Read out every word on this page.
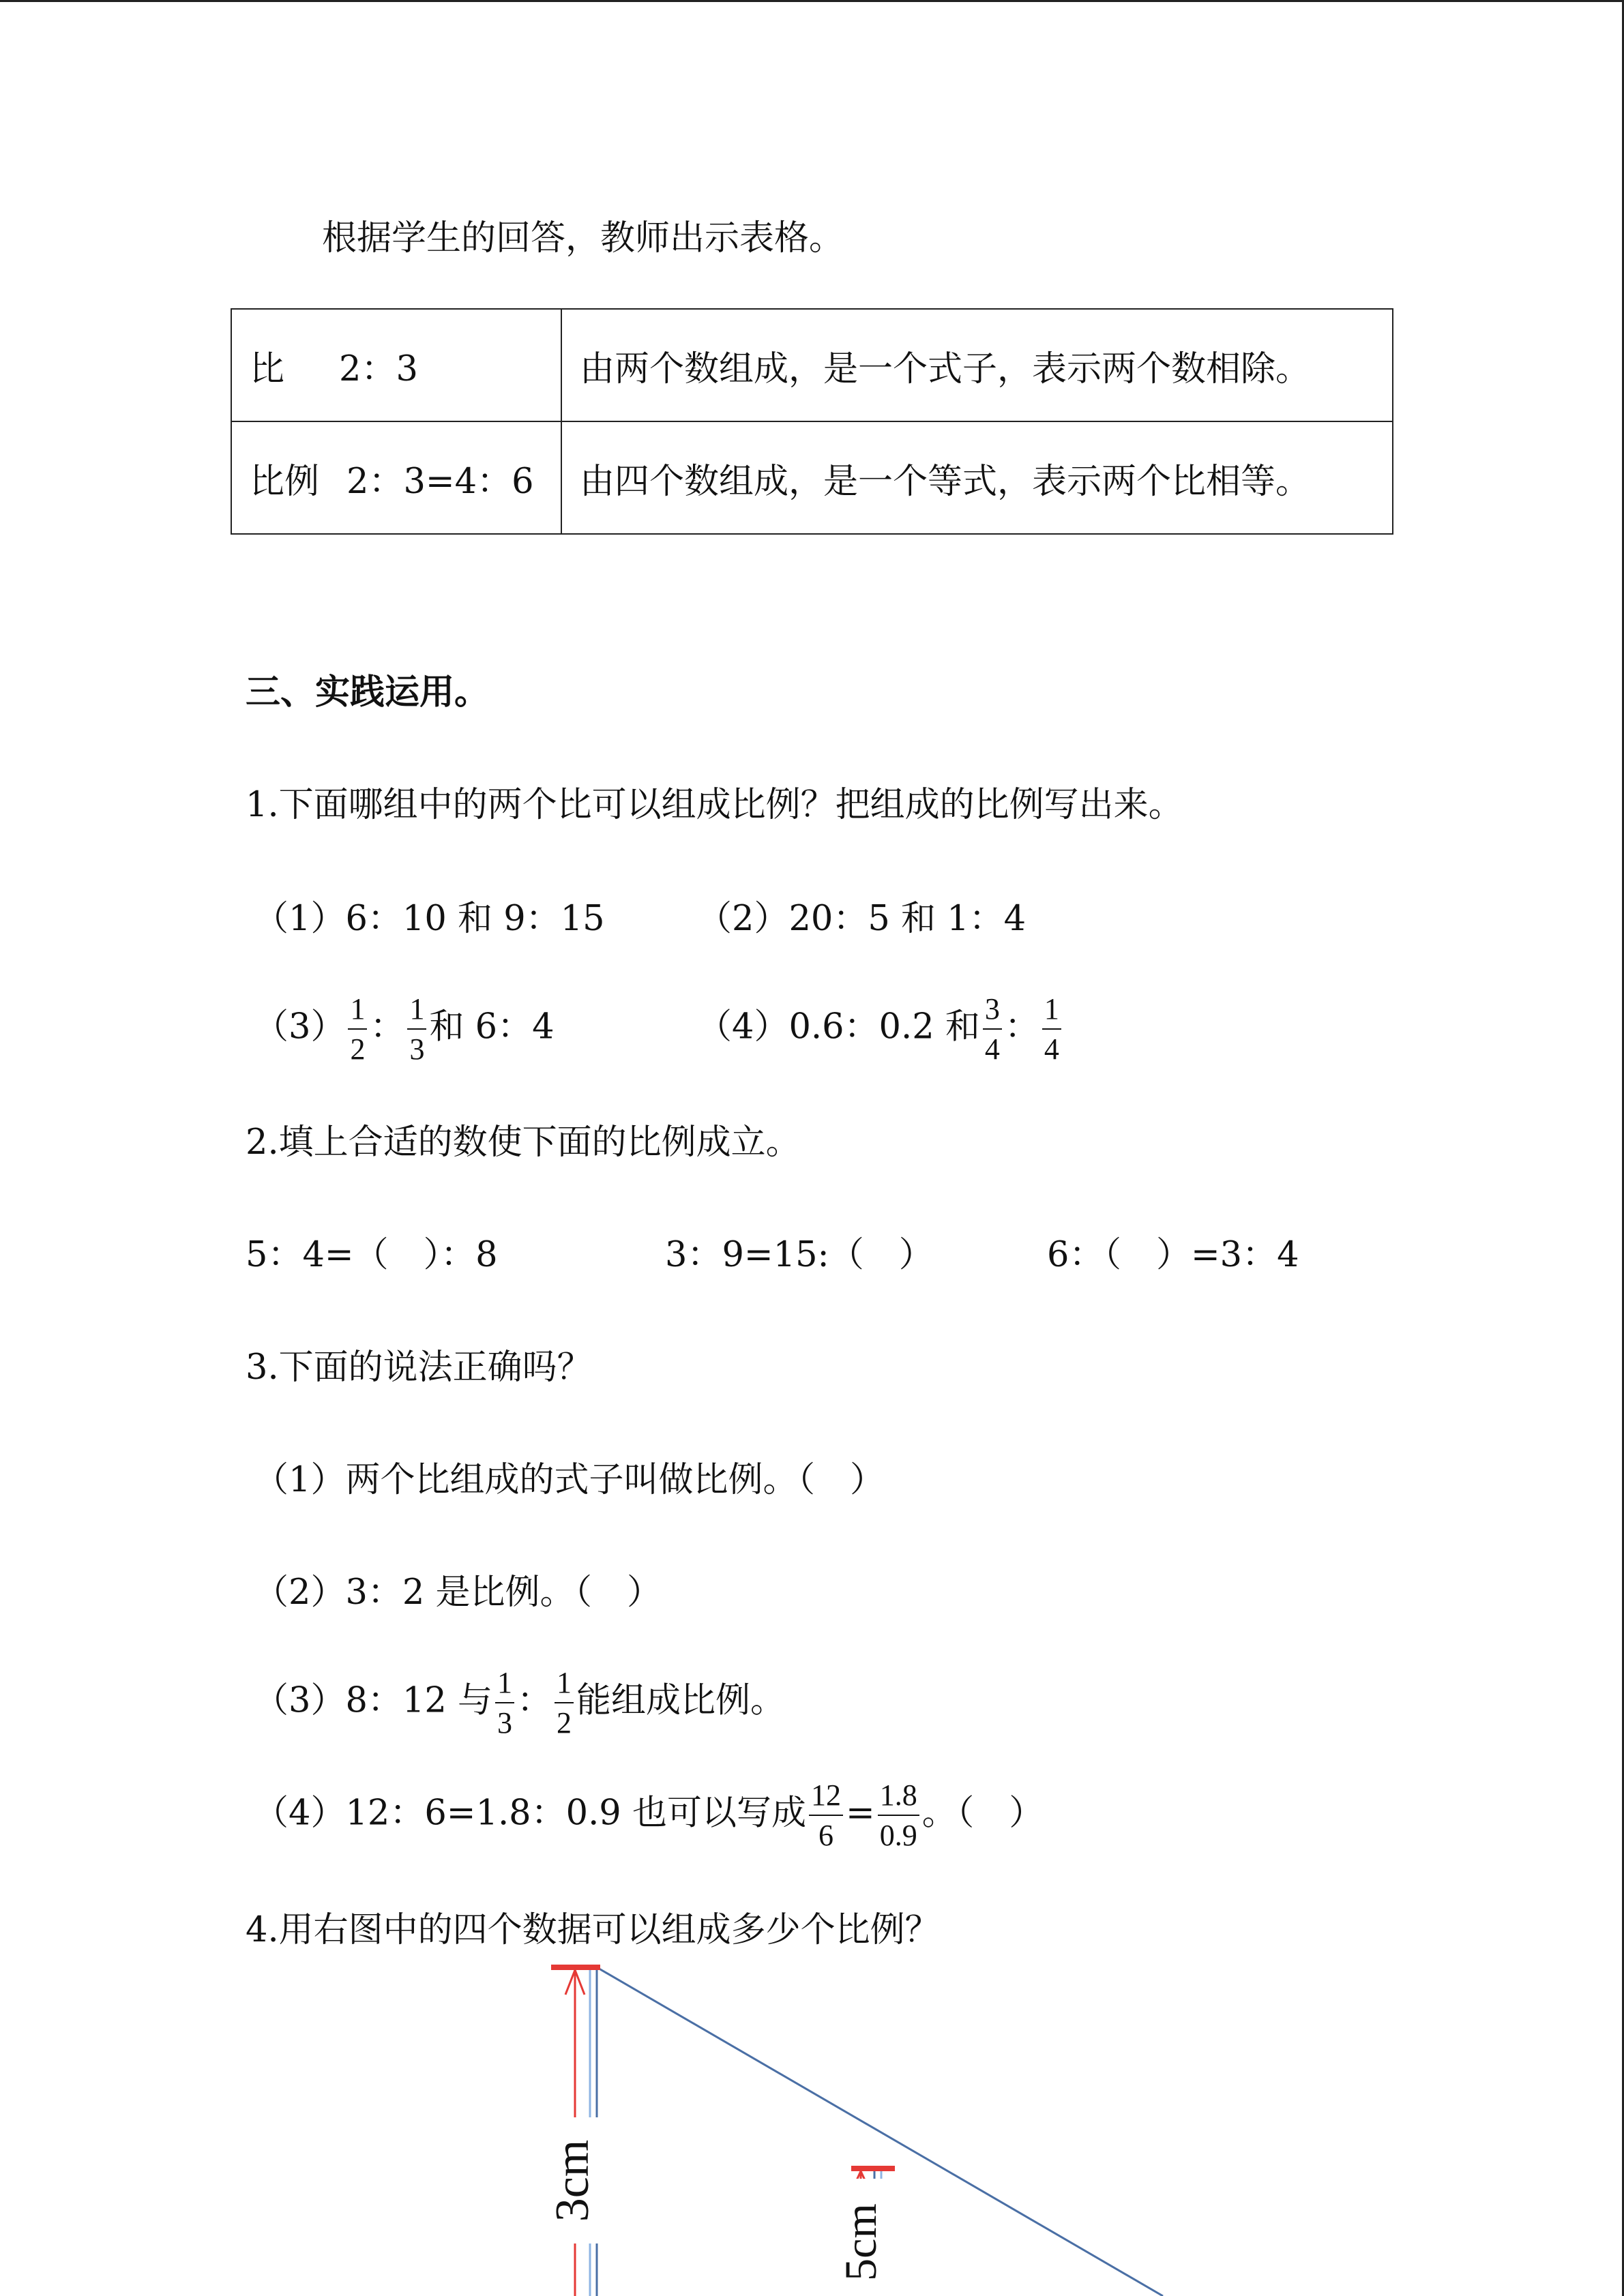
根据学生的回答，教师出示表格。
比 2：3	由两个数组成，是一个式子，表示两个数相除。
比例 2：3=4：6	由四个数组成，是一个等式，表示两个比相等。
三、实践运用。
1.下面哪组中的两个比可以组成比例？把组成的比例写出来。
（1）6：10 和 9：15	（2）20：5 和 1：4
$(3) \frac{1}{2}$ ： $\frac{1}{3}$ 和 6：4	（4）0.6：0.2 和 $\frac{3}{4}$ ： $\frac{1}{4}$
2.填上合适的数使下面的比例成立。
5：4=（　）：8	3：9=15:（　）	6：（　）=3：4
3.下面的说法正确吗？
（1）两个比组成的式子叫做比例。（　）
（2）3：2 是比例。（　）
（3）8：12 与 $\frac{1}{3}$ ： $\frac{1}{2}$ 能组成比例。
（4）12：6=1.8：0.9 也可以写成 $\frac{12}{6} = \frac{1.8}{0.9}$ 。（　）
4.用右图中的四个数据可以组成多少个比例？
3cm
5cm
